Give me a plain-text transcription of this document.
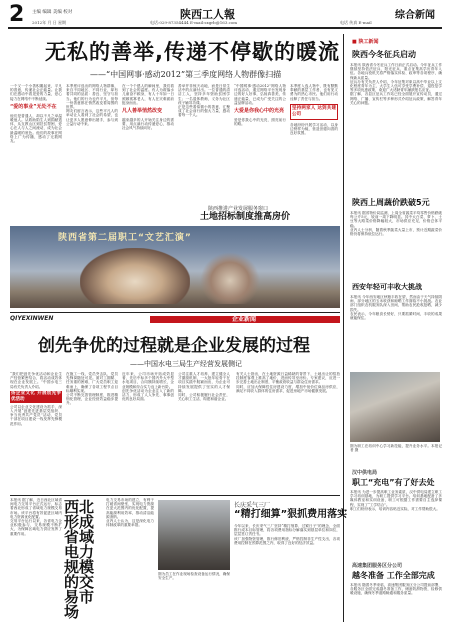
2 主编 编辑 美编 校对	陕西工人報	综合新闻
2012年 月 日 星期	电话:029-87354444 E-mail:sxgrb@163.com	电话 传真 E-mail
无私的善举,传递不停歇的暖流
——“中国网事·感动2012”第三季度网络人物群像扫描

一个又一个小善积累起来，平凡的善意，传递社会正能量。让我们在感动中看见爱的力量，爱心接力在网络中不断延续。

“爱的事业”无处不在

他们是普通人，却以不凡之举温暖他人。从救助陌生人到捐献遗体，从支教山区到扶贫帮困，爱心在人与人之间流动，成为社会最温暖的底色。他们的故事在网络上广为传播，感动了无数网友。

本季度评选出的网络人物群像，来自不同地区、不同行业，却有着共同的品质：善良、坚守与担当。他们的行为也许平凡，但每一份善意都在悄然改变着周围的世界。

网友们留言表示，这些平凡人的举动让人看到了社会的希望，也让更多人愿意伸出援手，参与到公益行动中来。

在一个个感人的瞬间里，我们看到了社会的温度。有人为救落水儿童奋不顾身，有人十年如一日照顾孤寡老人，有人在灾难面前挺身而出。

凡人善举悄然改变

越来越多的人开始关注身边的需要，用点滴行动传递爱心，推动社会风气持续向好。

善举并非惊天动地，而是日常生活中的点滴付出。一位普通的清洁工人，坚持多年资助贫困学生；一名退休教师，义务为社区孩子辅导功课。

正是这些看似微小的善意，汇聚成了社会前行的强大力量，感动着每一个人。

“中国网事·感动2012”网络人物评选活动，通过网络平台发现身边的好人好事，弘扬真善美，传递正能量，已成为广受关注的公益品牌活动。

大爱是你我心中的光亮

爱是你我心中的光亮，照亮前行的路。

本季度入选人物中，既有默默奉献的基层工作者，也有见义勇为的热心市民。他们用行动诠释了责任与担当。

坚持两家人 达到共建公司

各地纷纷开展学习活动，以身边榜样为镜，营造崇德向善的良好氛围。

陕西省第二届职工“文艺汇演”
■ 陕工新闻
陕西今冬征兵启动

本报讯 陕西省今冬征兵工作日前正式启动。今年征兵工作继续坚持依法征兵、阳光征兵，重点征集高学历青年入伍。各地兵役机关将严格落实体检、政审等各项程序，确保新兵质量。

征兵办有关负责人介绍，今年征集对象以高中毕业以上文化程度青年为主，大学生入伍可享受学费补偿、退役复学等多项优惠政策，欢迎广大适龄青年踊跃报名应征。

据了解，各县区征兵工作站已经全面展开宣传动员，通过网络、广播、宣传栏等多种形式介绍征兵政策，解答青年关心的问题。

陕西上周蔬价跌破5元

本报讯 据省物价局监测，上周全省蔬菜平均零售价格跌破每公斤5元，较前一周下降明显。其中大白菜、萝卜、土豆等大路菜价格降幅较大，市场供应充足，价格总体平稳。

业内人士分析，随着秋季蔬菜大量上市，预计近期蔬菜价格仍将保持低位运行。

西安年轻可丰收大挑战

本报讯 今年西安地区秋粮丰收在望，然而由于天气持续阴雨，部分地区的玉米收获和晾晒工作面临不小挑战。农业部门组织农机服务队深入田间，帮助农民抢收抢晒，减少损失。

农民表示，今年粮食长势好，只要抓紧时间，丰收的成果就能保住。

图为职工在培训中心学习新技能，提升业务水平。本报记者 摄

汉中供电局
职工“充电”有了好去处

本报讯 为进一步提高职工业务素质，汉中供电局建立职工学习培训基地，为职工提供学习平台。培训基地配备了多媒体教室和实训设备，职工可根据工作需要自主选择课程，实现了“工学结合”。

职工们纷纷表示，培训内容贴近实际，对工作帮助很大。

高速集团服务区分公司
越冬准备 工作全部完成

本报讯 随着冬季来临，高速集团服务区分公司提前部署，各服务区全面完成越冬准备工作，储备防滑物资，检修供暖设施，确保冬季道路畅通和服务质量。

QIYEXINWEN	企业新闻
创先争优的过程就是企业发展的过程
——中国水电三局生产经营发展侧记

“我们把创先争优活动和企业生产经营紧密结合，将活动成效体现在企业发展上。”中国水电三局有关负责人介绍。

扬企业文化 开展创先争优活动

公司以企业文化建设为抓手，深入开展“创建先进基层党组织、争当优秀共产党员”活动，党员干部在项目建设一线发挥先锋模范作用。

在施工一线，党员突击队、党员先锋岗随处可见。面对工期紧、任务重的困难，广大党员职工迎难而上，确保了各项工程节点目标顺利实现。

公司不断完善管理制度，推进精细化管理，企业经营效益稳步提升。

近年来，公司市场开拓成效显著，先后中标多个国内外大中型水电项目，合同额持续增长，企业规模和综合实力迈上新台阶。

创先争优活动为企业注入了新的活力，形成了人人争先、事事创优的良好局面。

公司注重人才培养，建立健全人才激励机制，一大批年轻骨干在项目实践中脱颖而出，为企业可持续发展提供了坚实的人才保障。

同时，公司积极履行社会责任，关心职工生活，构建和谐企业。

有关人士指出，在土地资源日益稀缺的背景下，土地出让的招拍挂制度客观上推高了地价，进而传导至房价。专家建议，应进一步完善土地出让制度，平衡政府收益与群众住房需求。

同时，应加大保障性住房建设力度，增加中低价位商品房供应，满足不同收入群体的住房需求，促进房地产市场健康发展。

陕西推进产业发展服务窗口
土地招标制度推高房价

本报讯 据了解，近日西北区域省间电力交易平台正式运行，标志着西北形成了省域电力规模交易市场。该平台将有效促进区域内电力资源优化配置。

交易平台运行以来，各省电力企业积极参与，交易规模不断扩大，为保障区域电力供应发挥了重要作用。

西北
形成
省域
电力
规模
的交
易市
场

电力交易市场的建立，有利于打破省间壁垒，实现电力资源在更大范围内的优化配置，提高能源利用效率，推动清洁能源消纳。

业内人士认为，这是深化电力体制改革的重要举措。

图为员工在作业现场检查设备运行情况，确保安全生产。

长庆采气三厂
“精打细算”狠抓费用落实

今年以来，长庆采气三厂坚持“精打细算、过紧日子”的理念，全面推行成本目标管理，将各项费用指标分解落实到基层单位和岗位，层层签订责任书。

该厂加强物资管理，推行修旧利废，严格控制非生产性支出，各项费用控制在预算范围之内，取得了良好的经济效益。
